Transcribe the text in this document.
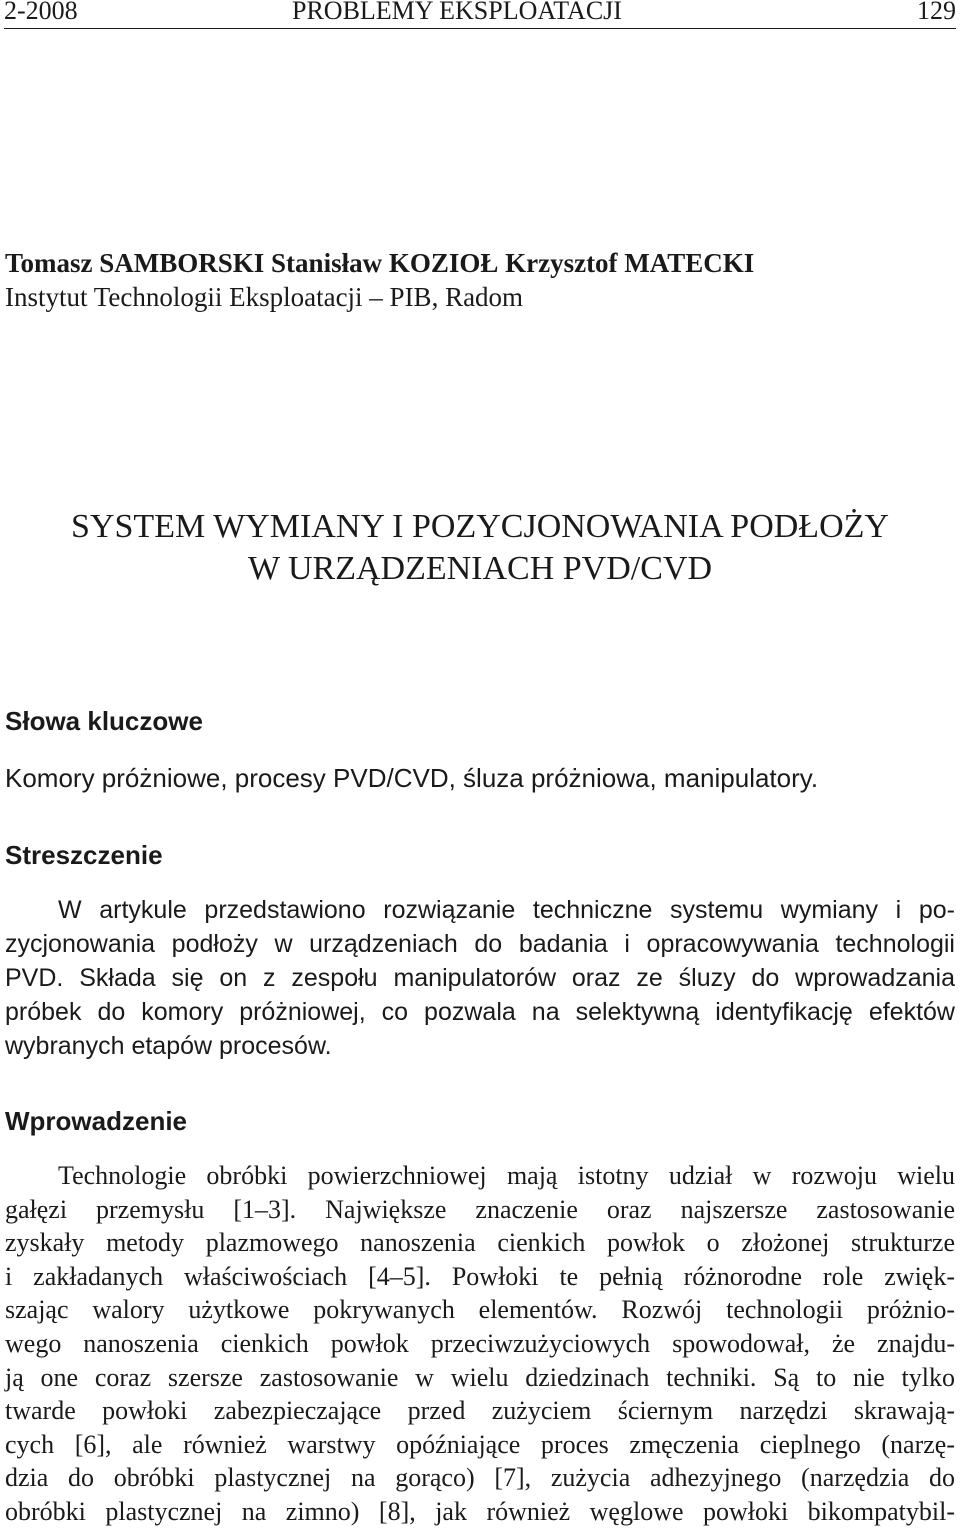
2-2008	PROBLEMY EKSPLOATACJI	129
Tomasz SAMBORSKI Stanisław KOZIOŁ Krzysztof MATECKI
Instytut Technologii Eksploatacji – PIB, Radom
SYSTEM WYMIANY I POZYCJONOWANIA PODŁOŻY
W URZĄDZENIACH PVD/CVD
Słowa kluczowe
Komory próżniowe, procesy PVD/CVD, śluza próżniowa, manipulatory.
Streszczenie
W artykule przedstawiono rozwiązanie techniczne systemu wymiany i po-
zycjonowania podłoży w urządzeniach do badania i opracowywania technologii
PVD. Składa się on z zespołu manipulatorów oraz ze śluzy do wprowadzania
próbek do komory próżniowej, co pozwala na selektywną identyfikację efektów
wybranych etapów procesów.
Wprowadzenie
Technologie obróbki powierzchniowej mają istotny udział w rozwoju wielu
gałęzi przemysłu [1–3]. Największe znaczenie oraz najszersze zastosowanie
zyskały metody plazmowego nanoszenia cienkich powłok o złożonej strukturze
i zakładanych właściwościach [4–5]. Powłoki te pełnią różnorodne role zwięk-
szając walory użytkowe pokrywanych elementów. Rozwój technologii próżnio-
wego nanoszenia cienkich powłok przeciwzużyciowych spowodował, że znajdu-
ją one coraz szersze zastosowanie w wielu dziedzinach techniki. Są to nie tylko
twarde powłoki zabezpieczające przed zużyciem ściernym narzędzi skrawają-
cych [6], ale również warstwy opóźniające proces zmęczenia cieplnego (narzę-
dzia do obróbki plastycznej na gorąco) [7], zużycia adhezyjnego (narzędzia do
obróbki plastycznej na zimno) [8], jak również węglowe powłoki bikompatybil-
